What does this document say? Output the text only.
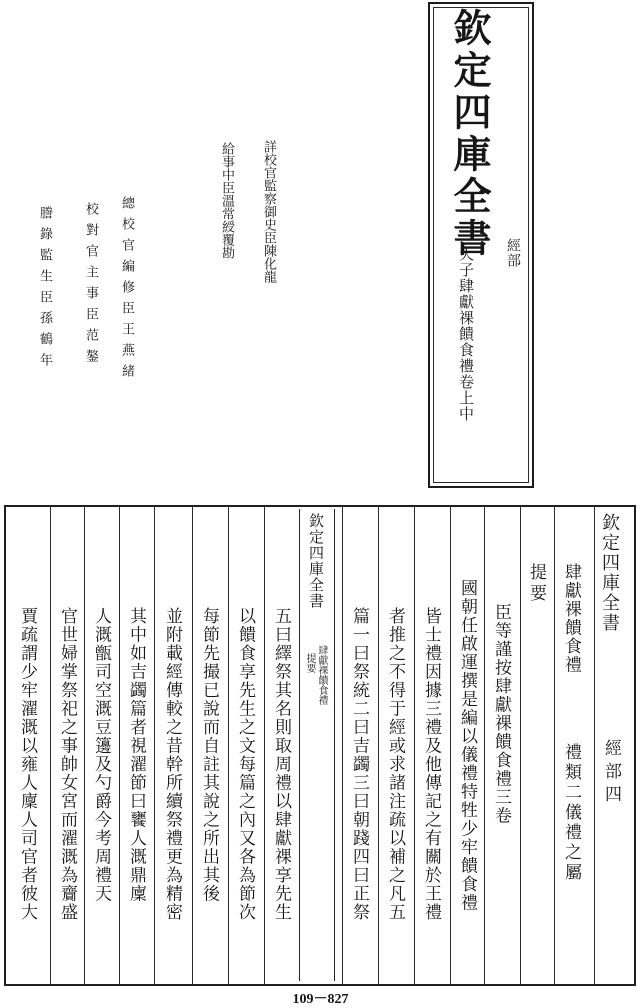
欽定四庫全書 經部
天子肆獻祼饋食禮卷上中
詳校官監察御史臣陳化龍
給事中臣溫常綬覆勘
總校官編修臣王燕緒
校對官主事臣范鏊
謄錄監生臣孫鶴年
欽定四庫全書
經部四
肆獻祼饋食禮
禮類二儀禮之屬
提要
臣等謹按肆獻祼饋食禮三卷
國朝任啟運撰是編以儀禮特牲少牢饋食禮
皆士禮因據三禮及他傳記之有關於王禮
者推之不得于經或求諸注疏以補之凡五
篇一曰祭統二曰吉蠲三曰朝踐四曰正祭
欽定四庫全書
肆獻祼饋食禮
提要
五曰繹祭其名則取周禮以肆獻祼享先生
以饋食享先生之文每篇之內又各為節次
每節先撮已說而自註其說之所出其後
並附載經傳較之昔幹所續祭禮更為精密
其中如吉蠲篇者視濯節曰饔人溉鼎廩
人溉甑司空溉豆籩及勺爵今考周禮天
官世婦掌祭祀之事帥女宮而濯溉為齎盛
賈疏謂少牢濯溉以雍人廩人司官者彼大
109－827
